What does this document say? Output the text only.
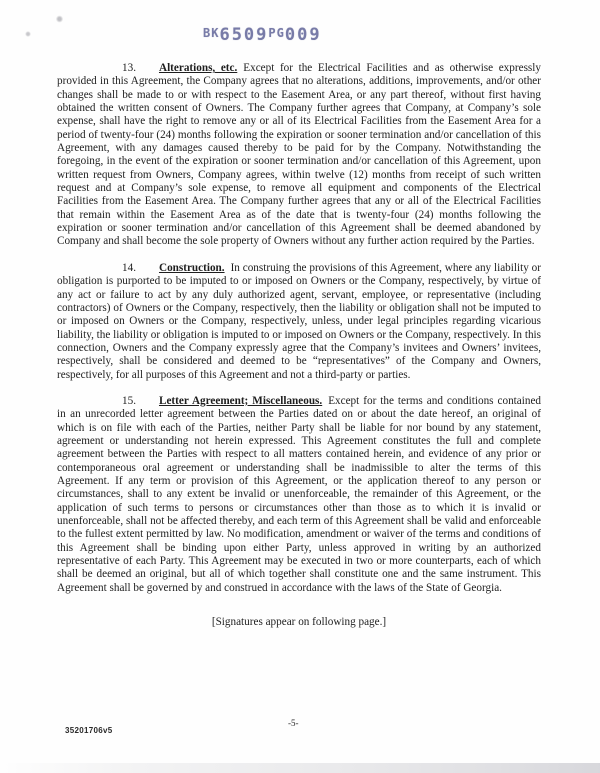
BK6509PG009

13. Alterations, etc. Except for the Electrical Facilities and as otherwise expressly provided in this Agreement, the Company agrees that no alterations, additions, improvements, and/or other changes shall be made to or with respect to the Easement Area, or any part thereof, without first having obtained the written consent of Owners. The Company further agrees that Company, at Company’s sole expense, shall have the right to remove any or all of its Electrical Facilities from the Easement Area for a period of twenty-four (24) months following the expiration or sooner termination and/or cancellation of this Agreement, with any damages caused thereby to be paid for by the Company. Notwithstanding the foregoing, in the event of the expiration or sooner termination and/or cancellation of this Agreement, upon written request from Owners, Company agrees, within twelve (12) months from receipt of such written request and at Company’s sole expense, to remove all equipment and components of the Electrical Facilities from the Easement Area. The Company further agrees that any or all of the Electrical Facilities that remain within the Easement Area as of the date that is twenty-four (24) months following the expiration or sooner termination and/or cancellation of this Agreement shall be deemed abandoned by Company and shall become the sole property of Owners without any further action required by the Parties.

14. Construction. In construing the provisions of this Agreement, where any liability or obligation is purported to be imputed to or imposed on Owners or the Company, respectively, by virtue of any act or failure to act by any duly authorized agent, servant, employee, or representative (including contractors) of Owners or the Company, respectively, then the liability or obligation shall not be imputed to or imposed on Owners or the Company, respectively, unless, under legal principles regarding vicarious liability, the liability or obligation is imputed to or imposed on Owners or the Company, respectively. In this connection, Owners and the Company expressly agree that the Company’s invitees and Owners’ invitees, respectively, shall be considered and deemed to be “representatives” of the Company and Owners, respectively, for all purposes of this Agreement and not a third-party or parties.

15. Letter Agreement; Miscellaneous. Except for the terms and conditions contained in an unrecorded letter agreement between the Parties dated on or about the date hereof, an original of which is on file with each of the Parties, neither Party shall be liable for nor bound by any statement, agreement or understanding not herein expressed. This Agreement constitutes the full and complete agreement between the Parties with respect to all matters contained herein, and evidence of any prior or contemporaneous oral agreement or understanding shall be inadmissible to alter the terms of this Agreement. If any term or provision of this Agreement, or the application thereof to any person or circumstances, shall to any extent be invalid or unenforceable, the remainder of this Agreement, or the application of such terms to persons or circumstances other than those as to which it is invalid or unenforceable, shall not be affected thereby, and each term of this Agreement shall be valid and enforceable to the fullest extent permitted by law. No modification, amendment or waiver of the terms and conditions of this Agreement shall be binding upon either Party, unless approved in writing by an authorized representative of each Party. This Agreement may be executed in two or more counterparts, each of which shall be deemed an original, but all of which together shall constitute one and the same instrument. This Agreement shall be governed by and construed in accordance with the laws of the State of Georgia.

[Signatures appear on following page.]

35201706v5
-5-
